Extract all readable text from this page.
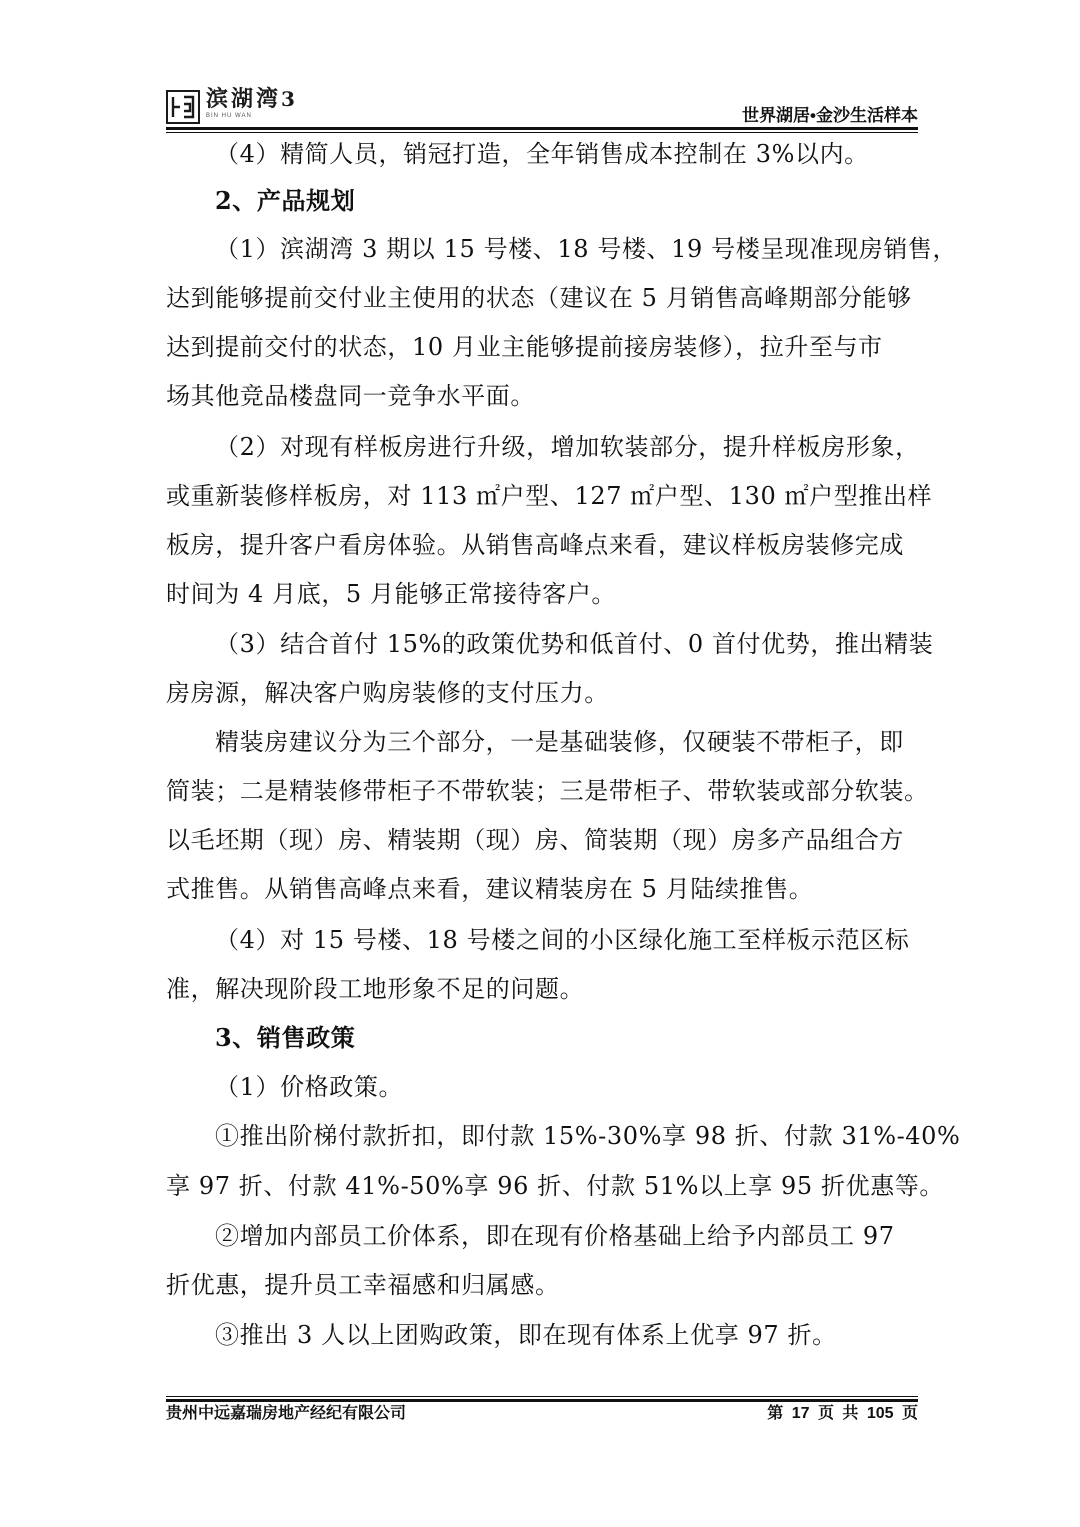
滨湖湾3
BIN HU WAN	世界湖居•金沙生活样本
（4）精简人员，销冠打造，全年销售成本控制在 3%以内。
2、产品规划
（1）滨湖湾 3 期以 15 号楼、18 号楼、19 号楼呈现准现房销售，
达到能够提前交付业主使用的状态（建议在 5 月销售高峰期部分能够
达到提前交付的状态，10 月业主能够提前接房装修），拉升至与市
场其他竞品楼盘同一竞争水平面。
（2）对现有样板房进行升级，增加软装部分，提升样板房形象，
或重新装修样板房，对 113 ㎡户型、127 ㎡户型、130 ㎡户型推出样
板房，提升客户看房体验。从销售高峰点来看，建议样板房装修完成
时间为 4 月底，5 月能够正常接待客户。
（3）结合首付 15%的政策优势和低首付、0 首付优势，推出精装
房房源，解决客户购房装修的支付压力。
精装房建议分为三个部分，一是基础装修，仅硬装不带柜子，即
简装；二是精装修带柜子不带软装；三是带柜子、带软装或部分软装。
以毛坯期（现）房、精装期（现）房、简装期（现）房多产品组合方
式推售。从销售高峰点来看，建议精装房在 5 月陆续推售。
（4）对 15 号楼、18 号楼之间的小区绿化施工至样板示范区标
准，解决现阶段工地形象不足的问题。
3、销售政策
（1）价格政策。
①推出阶梯付款折扣，即付款 15%-30%享 98 折、付款 31%-40%
享 97 折、付款 41%-50%享 96 折、付款 51%以上享 95 折优惠等。
②增加内部员工价体系，即在现有价格基础上给予内部员工 97
折优惠，提升员工幸福感和归属感。
③推出 3 人以上团购政策，即在现有体系上优享 97 折。
贵州中远嘉瑞房地产经纪有限公司	第 17 页 共 105 页
